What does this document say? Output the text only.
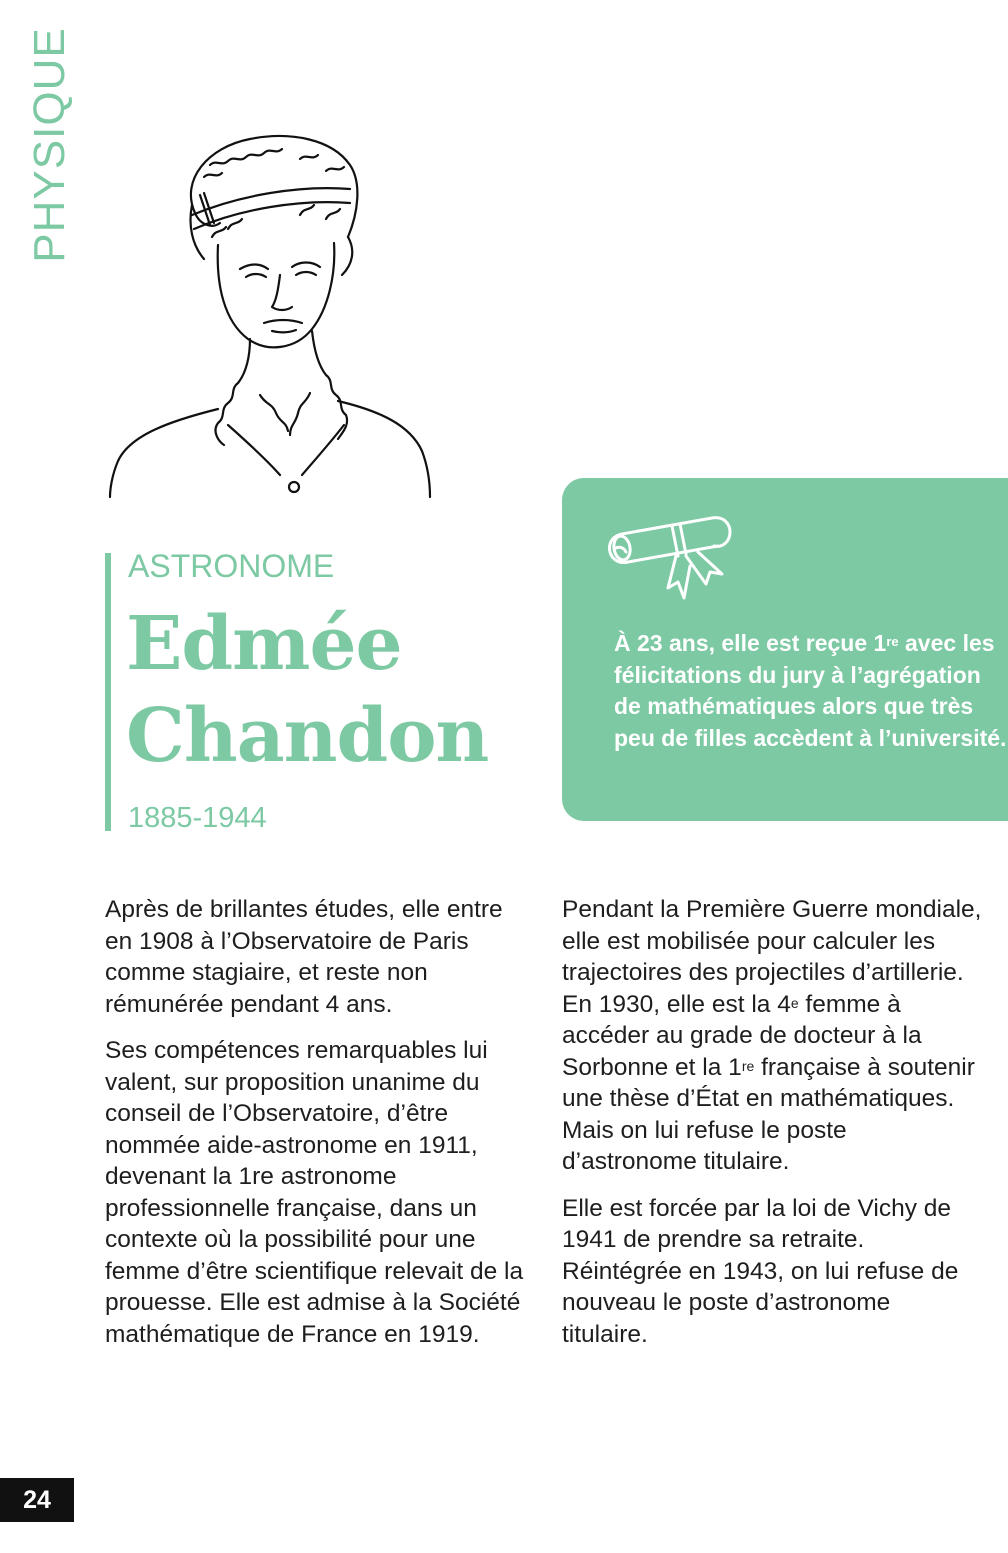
PHYSIQUE
ASTRONOME
Edmée
Chandon
1885-1944
À 23 ans, elle est reçue 1re avec les félicitations du jury à l’agrégation de mathématiques alors que très peu de filles accèdent à l’université.

Après de brillantes études, elle entre en 1908 à l’Observatoire de Paris comme stagiaire, et reste non rémunérée pendant 4 ans.

Ses compétences remarquables lui valent, sur proposition unanime du conseil de l’Observatoire, d’être nommée aide-astronome en 1911, devenant la 1re astronome professionnelle française, dans un contexte où la possibilité pour une femme d’être scientifique relevait de la prouesse. Elle est admise à la Société mathématique de France en 1919.

Pendant la Première Guerre mondiale, elle est mobilisée pour calculer les trajectoires des projectiles d’artillerie. En 1930, elle est la 4e femme à accéder au grade de docteur à la Sorbonne et la 1re française à soutenir une thèse d’État en mathématiques. Mais on lui refuse le poste d’astronome titulaire.

Elle est forcée par la loi de Vichy de 1941 de prendre sa retraite. Réintégrée en 1943, on lui refuse de nouveau le poste d’astronome titulaire.

24
